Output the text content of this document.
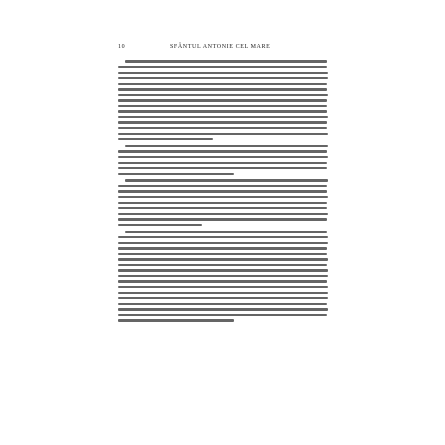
10	SFÂNTUL ANTONIE CEL MARE
